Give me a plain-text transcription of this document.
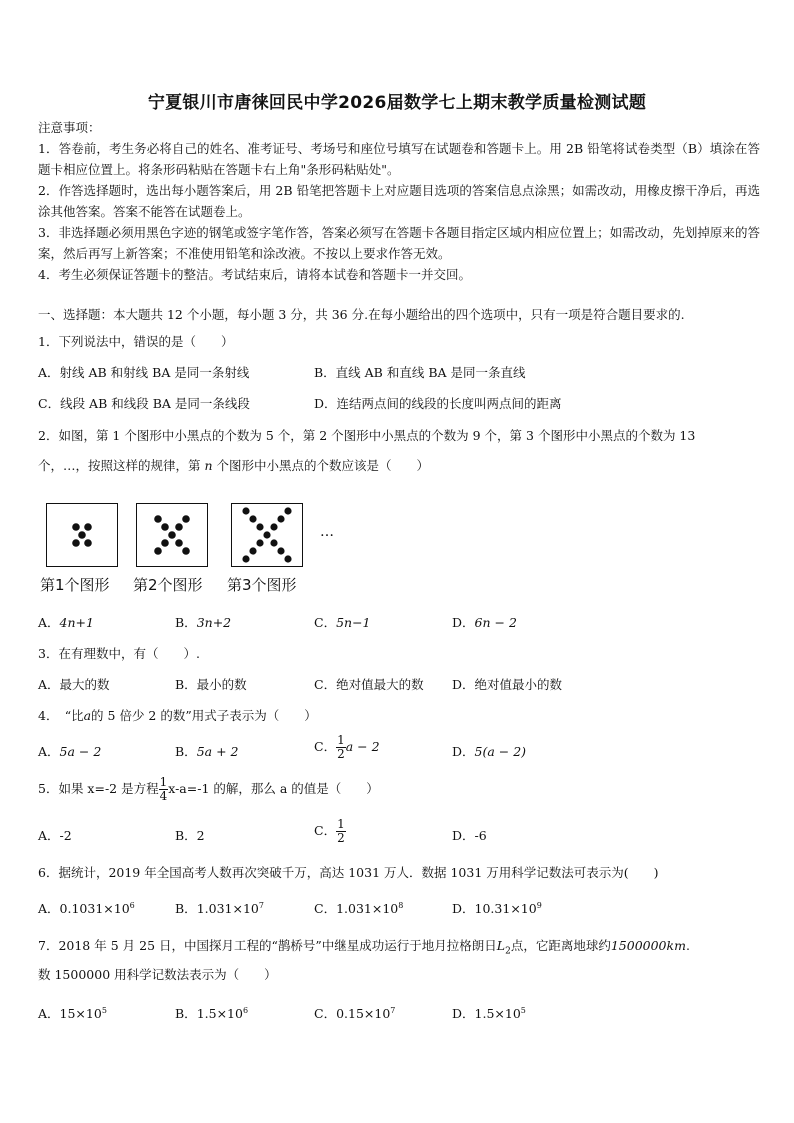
宁夏银川市唐徕回民中学2026届数学七上期末教学质量检测试题
注意事项：
1．答卷前，考生务必将自己的姓名、准考证号、考场号和座位号填写在试题卷和答题卡上。用 2B 铅笔将试卷类型（B）填涂在答题卡相应位置上。将条形码粘贴在答题卡右上角"条形码粘贴处"。
2．作答选择题时，选出每小题答案后，用 2B 铅笔把答题卡上对应题目选项的答案信息点涂黑；如需改动，用橡皮擦干净后，再选涂其他答案。答案不能答在试题卷上。
3．非选择题必须用黑色字迹的钢笔或签字笔作答，答案必须写在答题卡各题目指定区域内相应位置上；如需改动，先划掉原来的答案，然后再写上新答案；不准使用铅笔和涂改液。不按以上要求作答无效。
4．考生必须保证答题卡的整洁。考试结束后，请将本试卷和答题卡一并交回。
一、选择题：本大题共 12 个小题，每小题 3 分，共 36 分.在每小题给出的四个选项中，只有一项是符合题目要求的.
1．下列说法中，错误的是（　　）
A．射线 AB 和射线 BA 是同一条射线	B．直线 AB 和直线 BA 是同一条直线
C．线段 AB 和线段 BA 是同一条线段	D．连结两点间的线段的长度叫两点间的距离
2．如图，第 1 个图形中小黑点的个数为 5 个，第 2 个图形中小黑点的个数为 9 个，第 3 个图形中小黑点的个数为 13
个，…，按照这样的规律，第 n 个图形中小黑点的个数应该是（　　）
第1个图形 第2个图形 第3个图形
…
A．4n+1	B．3n+2	C．5n−1	D．6n − 2
3．在有理数中，有（　　）.
A．最大的数	B．最小的数	C．绝对值最大的数 D．绝对值最小的数
4．　“比a的 5 倍少 2 的数”用式子表示为（　　）
A．5a − 2	B．5a + 2	C． $\frac{1}{2}$ a − 2	D．5(a − 2)
5．如果 x=-2 是方程 $\frac{1}{4} x-a=-1$ 的解，那么 a 的值是（　　）
A．-2	B．2	C． $\frac{1}{2}$	D．-6
6．据统计，2019 年全国高考人数再次突破千万，高达 1031 万人．数据 1031 万用科学记数法可表示为(　　)
A．$0.1031\times 10^6$	B．$1.031\times 10^7$	C．$1.031\times 10^8$	D．$10.31\times 10^9$
7．2018 年 5 月 25 日，中国探月工程的“鹊桥号”中继星成功运行于地月拉格朗日$L_2$点，它距离地球约1500000km.
数 1500000 用科学记数法表示为（　　）
A．$15\times 10^5$	B．$1.5\times 10^6$	C．$0.15\times 10^7$	D．$1.5\times 10^5$
